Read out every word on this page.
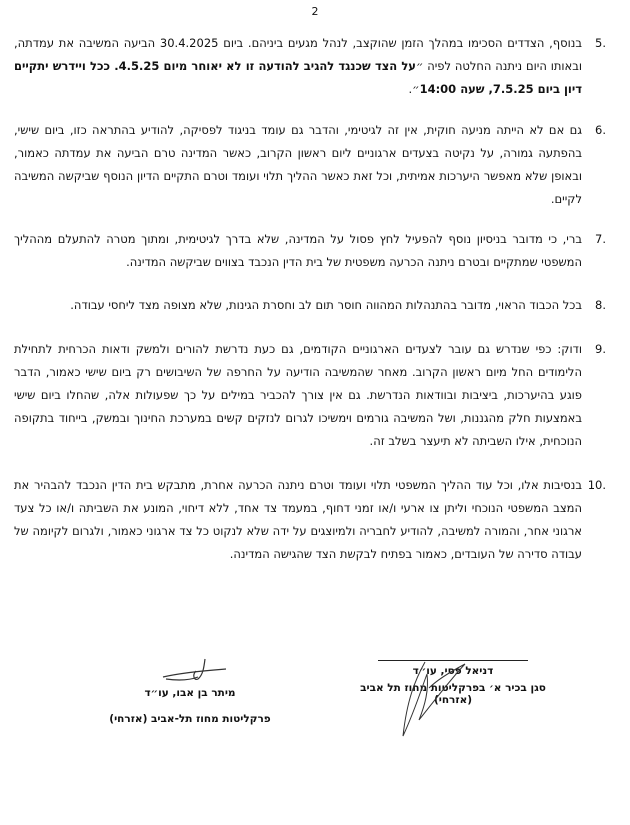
2

5.
בנוסף, הצדדים הסכימו במהלך הזמן שהוקצב, לנהל מגעים ביניהם. ביום 30.4.2025 הביעה המשיבה את עמדתה, ובאותו היום ניתנה החלטה לפיה ״על הצד שכנגד להגיב להודעה זו לא יאוחר מיום 4.5.25. ככל ויידרש יתקיים דיון ביום 7.5.25, שעה 14:00״.

6.
גם אם לא הייתה מניעה חוקית, אין זה לגיטימי, והדבר גם עומד בניגוד לפסיקה, להודיע בהתראה כזו, ביום שישי, בהפתעה גמורה, על נקיטה בצעדים ארגוניים ליום ראשון הקרוב, כאשר המדינה טרם הביעה את עמדתה כאמור, ובאופן שלא מאפשר היערכות אמיתית, וכל זאת כאשר ההליך תלוי ועומד וטרם התקיים הדיון הנוסף שביקשה המשיבה לקיים.

7.
ברי, כי מדובר בניסיון נוסף להפעיל לחץ פסול על המדינה, שלא בדרך לגיטימית, ומתוך מטרה להתעלם מההליך המשפטי שמתקיים ובטרם ניתנה הכרעה משפטית של בית הדין הנכבד בצווים שביקשה המדינה.

8.
בכל הכבוד הראוי, מדובר בהתנהלות המהווה חוסר תום לב וחסרת הגינות, שלא מצופה מצד ליחסי עבודה.

9.
ודוק: כפי שנדרש גם עובר לצעדים הארגוניים הקודמים, גם כעת נדרשת להורים ולמשק ודאות הכרחית לתחילת הלימודים החל מיום ראשון הקרוב. מאחר שהמשיבה הודיעה על החרפה של השיבושים רק ביום שישי כאמור, הדבר פוגע בהיערכות, ביציבות ובוודאות הנדרשת. גם אין צורך להכביר במילים על כך שפעולות אלה, שהחלו ביום שישי באמצעות חלק מהגננות, ושל המשיבה גורמים וימשיכו לגרום לנזקים קשים במערכת החינוך ובמשק, בייחוד בתקופה הנוכחית, אילו השביתה לא תיעצר בשלב זה.

10.
בנסיבות אלו, וכל עוד ההליך המשפטי תלוי ועומד וטרם ניתנה הכרעה אחרת, מתבקש בית הדין הנכבד להבהיר את המצב המשפטי הנוכחי וליתן צו ארעי ו/או זמני דחוף, במעמד צד אחד, ללא דיחוי, המונע את השביתה ו/או כל צעד ארגוני אחר, והמורה למשיבה, להודיע לחבריה ולמיוצגים על ידה שלא לנקוט כל צד ארגוני כאמור, ולגרום לקיומה של עבודה סדירה של העובדים, כאמור בפתיח לבקשת הצד שהגישה המדינה.

מיתר בן אבו, עו״ד
פרקליטות מחוז תל-אביב (אזרחי)
דניאל פסי, עו״ד
סגן בכיר א׳ בפרקליטות מחוז תל אביב (אזרחי)
